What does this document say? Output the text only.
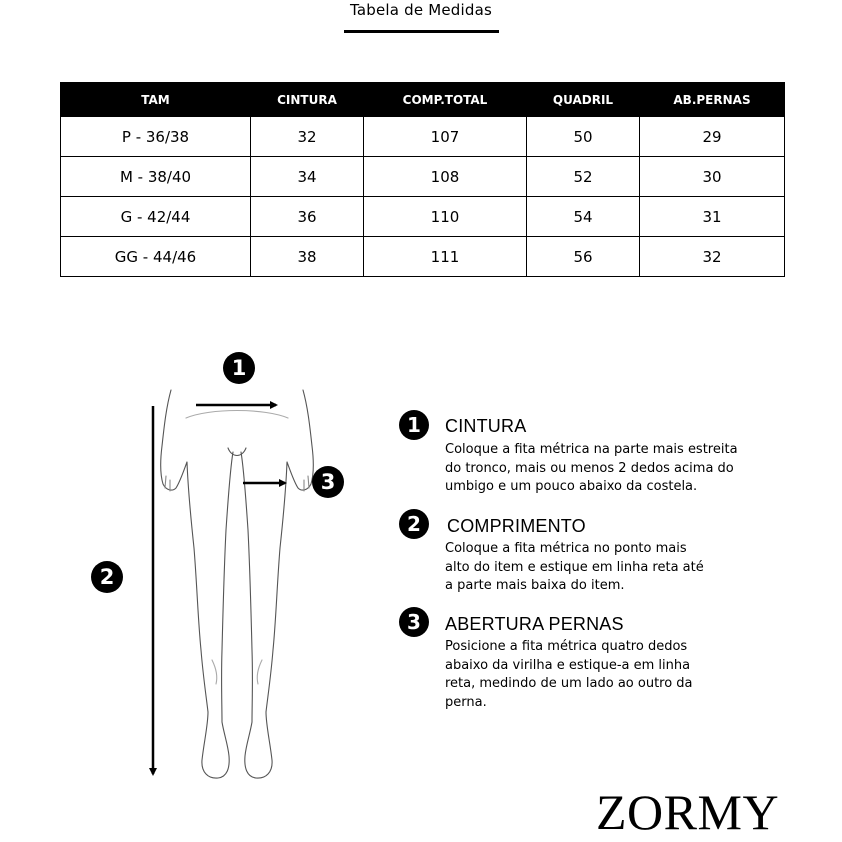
Tabela de Medidas
TAM	CINTURA	COMP.TOTAL	QUADRIL	AB.PERNAS
P - 36/38	32	107	50	29
M - 38/40	34	108	52	30
G - 42/44	36	110	54	31
GG - 44/46	38	111	56	32
1
2
3
1	CINTURA
Coloque a fita métrica na parte mais estreita
do tronco, mais ou menos 2 dedos acima do
umbigo e um pouco abaixo da costela.
2	COMPRIMENTO
Coloque a fita métrica no ponto mais
alto do item e estique em linha reta até
a parte mais baixa do item.
3	ABERTURA PERNAS
Posicione a fita métrica quatro dedos
abaixo da virilha e estique-a em linha
reta, medindo de um lado ao outro da
perna.
ZORMY
